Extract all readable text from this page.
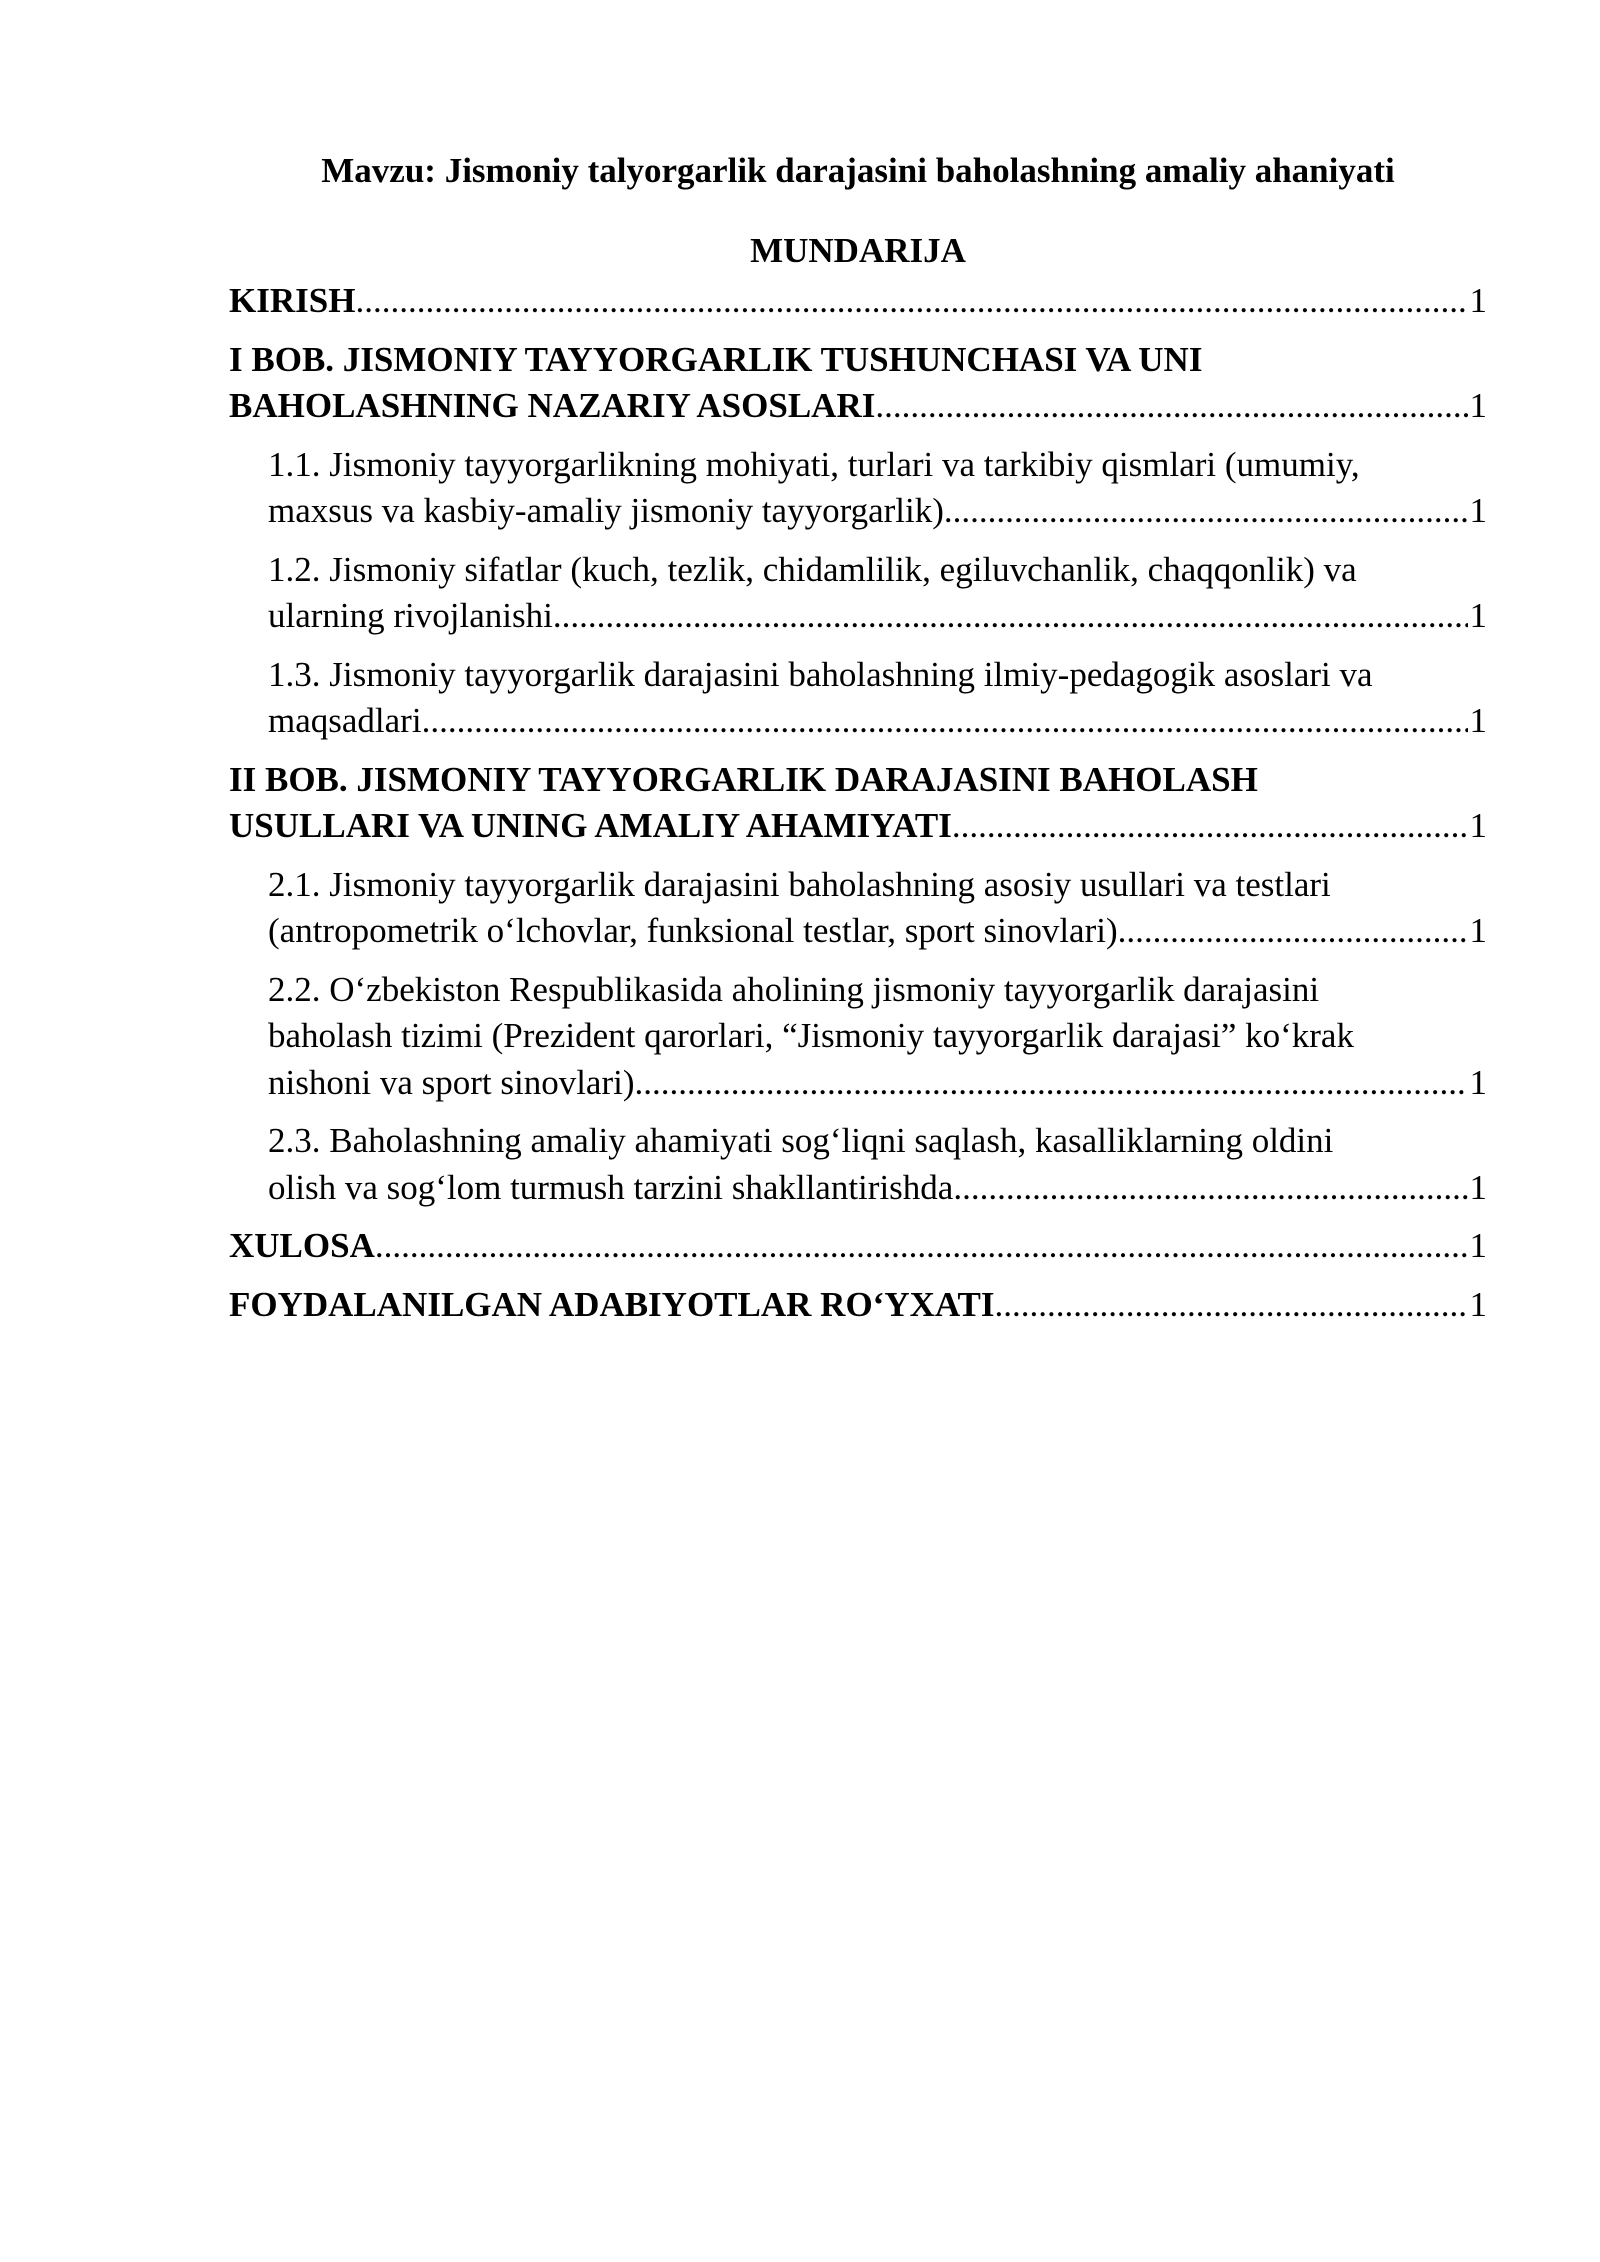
Mavzu: Jismoniy talyorgarlik darajasini baholashning amaliy ahaniyati
MUNDARIJA
KIRISH .....	1
I BOB. JISMONIY TAYYORGARLIK TUSHUNCHASI VA UNI
BAHOLASHNING NAZARIY ASOSLARI .....	1
1.1. Jismoniy tayyorgarlikning mohiyati, turlari va tarkibiy qismlari (umumiy,
maxsus va kasbiy-amaliy jismoniy tayyorgarlik) .....	1
1.2. Jismoniy sifatlar (kuch, tezlik, chidamlilik, egiluvchanlik, chaqqonlik) va
ularning rivojlanishi .....	1
1.3. Jismoniy tayyorgarlik darajasini baholashning ilmiy-pedagogik asoslari va
maqsadlari .....	1
II BOB. JISMONIY TAYYORGARLIK DARAJASINI BAHOLASH
USULLARI VA UNING AMALIY AHAMIYATI .....	1
2.1. Jismoniy tayyorgarlik darajasini baholashning asosiy usullari va testlari
(antropometrik o‘lchovlar, funksional testlar, sport sinovlari) .....	1
2.2. O‘zbekiston Respublikasida aholining jismoniy tayyorgarlik darajasini
baholash tizimi (Prezident qarorlari, “Jismoniy tayyorgarlik darajasi” ko‘krak
nishoni va sport sinovlari) .....	1
2.3. Baholashning amaliy ahamiyati sog‘liqni saqlash, kasalliklarning oldini
olish va sog‘lom turmush tarzini shakllantirishda .....	1
XULOSA .....	1
FOYDALANILGAN ADABIYOTLAR RO‘YXATI .....	1
